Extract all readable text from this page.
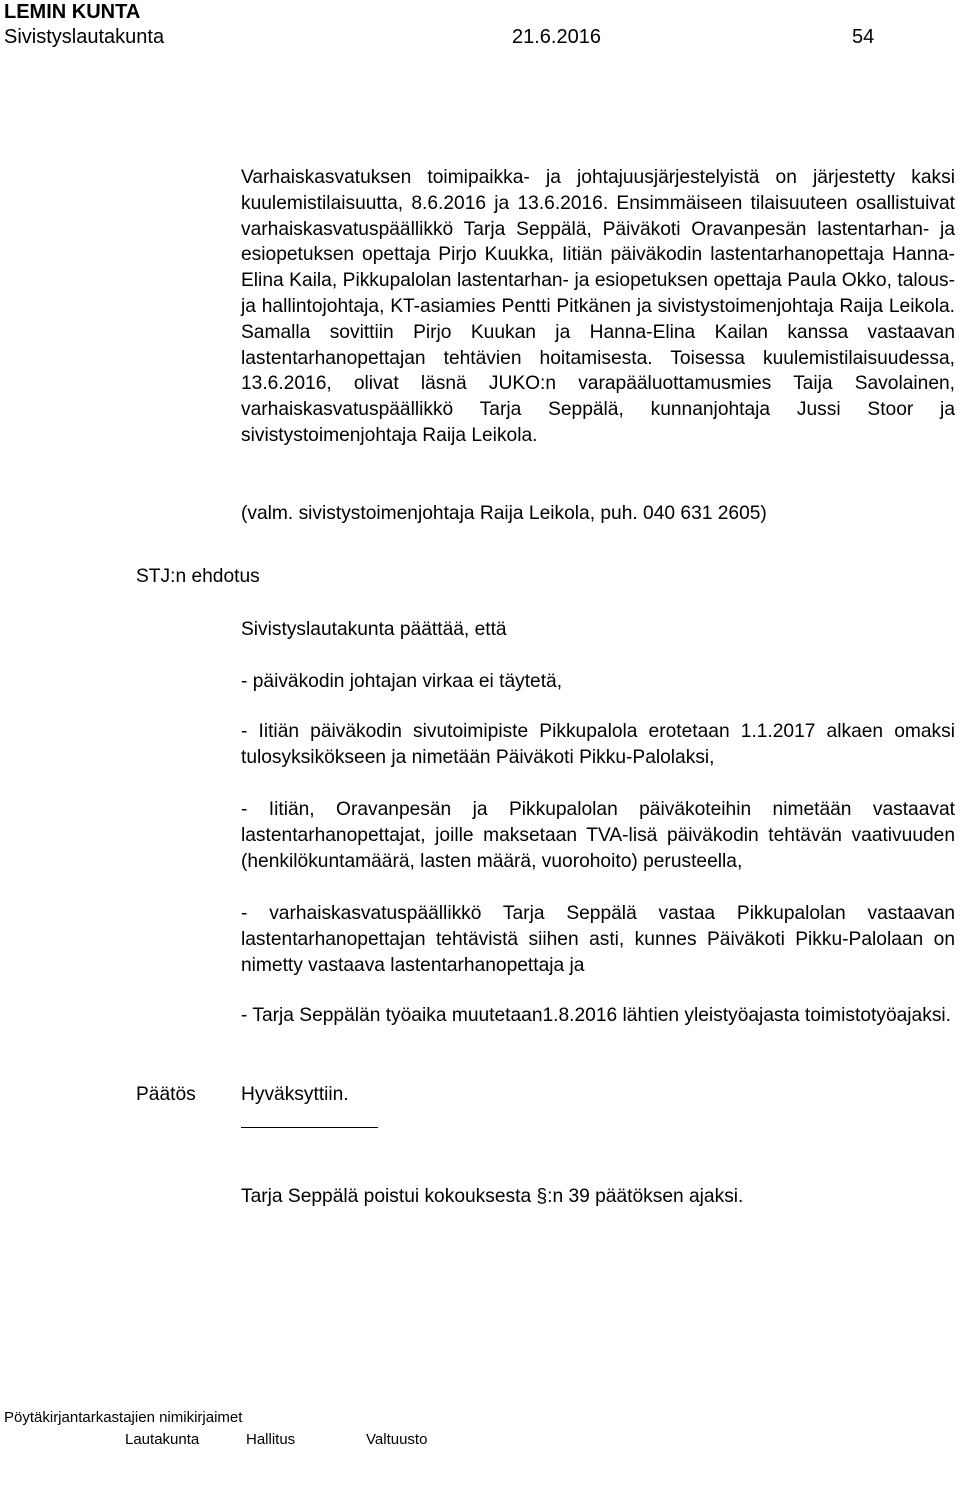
LEMIN KUNTA
Sivistyslautakunta	21.6.2016	54

Varhaiskasvatuksen toimipaikka- ja johtajuusjärjestelyistä on järjestetty kaksi kuulemistilaisuutta, 8.6.2016 ja 13.6.2016. Ensimmäiseen tilaisuuteen osallistuivat varhaiskasvatuspäällikkö Tarja Seppälä, Päiväkoti Oravanpesän lastentarhan- ja esiopetuksen opettaja Pirjo Kuukka, Iitiän päiväkodin lastentarhanopettaja Hanna-Elina Kaila, Pikkupalolan lastentarhan- ja esiopetuksen opettaja Paula Okko, talous- ja hallintojohtaja, KT-asiamies Pentti Pitkänen ja sivistystoimenjohtaja Raija Leikola. Samalla sovittiin Pirjo Kuukan ja Hanna-Elina Kailan kanssa vastaavan lastentarhanopettajan tehtävien hoitamisesta. Toisessa kuulemistilaisuudessa, 13.6.2016, olivat läsnä JUKO:n varapääluottamusmies Taija Savolainen, varhaiskasvatuspäällikkö Tarja Seppälä, kunnanjohtaja Jussi Stoor ja sivistystoimenjohtaja Raija Leikola.

(valm. sivistystoimenjohtaja Raija Leikola, puh. 040 631 2605)
STJ:n ehdotus
Sivistyslautakunta päättää, että
- päiväkodin johtajan virkaa ei täytetä,
- Iitiän päiväkodin sivutoimipiste Pikkupalola erotetaan 1.1.2017 alkaen omaksi tulosyksikökseen ja nimetään Päiväkoti Pikku-Palolaksi,
- Iitiän, Oravanpesän ja Pikkupalolan päiväkoteihin nimetään vastaavat lastentarhanopettajat, joille maksetaan TVA-lisä päiväkodin tehtävän vaativuuden (henkilökuntamäärä, lasten määrä, vuorohoito) perusteella,
- varhaiskasvatuspäällikkö Tarja Seppälä vastaa Pikkupalolan vastaavan lastentarhanopettajan tehtävistä siihen asti, kunnes Päiväkoti Pikku-Palolaan on nimetty vastaava lastentarhanopettaja ja
- Tarja Seppälän työaika muutetaan1.8.2016 lähtien yleistyöajasta toimistotyöajaksi.
Päätös Hyväksyttiin.
Tarja Seppälä poistui kokouksesta §:n 39 päätöksen ajaksi.
Pöytäkirjantarkastajien nimikirjaimet
Lautakunta	Hallitus	Valtuusto
